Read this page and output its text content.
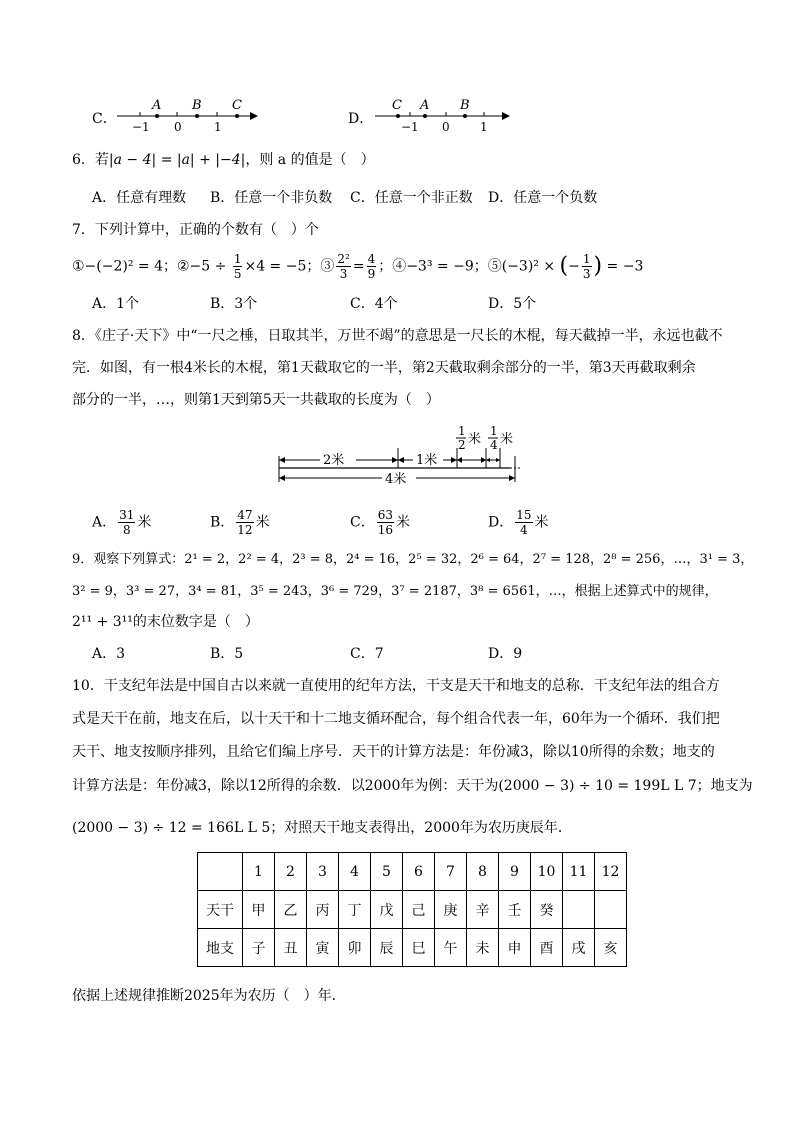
C．
A B C
−1 0	1	D．
C A B
−1 0	1
6．若|a − 4| = |a| + |−4|，则 a 的值是（　）
A．任意有理数 B．任意一个非负数 C．任意一个非正数 D．任意一个负数
7．下列计算中，正确的个数有（　）个
①−(−2)² = 4；②−5 ÷ $\frac{1}{5} \times 4 = -5$；③ $\frac{\text{2²}}{3} = \frac{4}{9}$ ；④−3³ = −9；⑤(−3)² × (− $\frac{1}{3}$ ) = −3
A．1个	B．3个	C．4个	D．5个
8．《庄子·天下》中“一尺之棰，日取其半，万世不竭”的意思是一尺长的木棍，每天截掉一半，永远也截不
完．如图，有一根4米长的木棍，第1天截取它的一半，第2天截取剩余部分的一半，第3天再截取剩余
部分的一半，…，则第1天到第5天一共截取的长度为（　）
2米	1米
1
2 米
1
4 米
4米
A． $\frac{31}{8}$ 米	B． $\frac{47}{12}$ 米	C． $\frac{63}{16}$ 米	D． $\frac{15}{4}$ 米
9．观察下列算式：2¹ = 2，2² = 4，2³ = 8，2⁴ = 16，2⁵ = 32，2⁶ = 64，2⁷ = 128，2⁸ = 256，…，3¹ = 3，
3² = 9，3³ = 27，3⁴ = 81，3⁵ = 243，3⁶ = 729，3⁷ = 2187，3⁸ = 6561，…，根据上述算式中的规律，
2¹¹ + 3¹¹的末位数字是（　）
A．3	B．5	C．7	D．9
10．干支纪年法是中国自古以来就一直使用的纪年方法，干支是天干和地支的总称．干支纪年法的组合方
式是天干在前，地支在后，以十天干和十二地支循环配合，每个组合代表一年，60年为一个循环．我们把
天干、地支按顺序排列，且给它们编上序号．天干的计算方法是：年份减3，除以10所得的余数；地支的
计算方法是：年份减3，除以12所得的余数．以2000年为例：天干为(2000 − 3) ÷ 10 = 199L L 7；地支为
(2000 − 3) ÷ 12 = 166L L 5；对照天干地支表得出，2000年为农历庚辰年．
	1	2	3	4	5	6	7	8	9	10	11	12
天干	甲	乙	丙	丁	戊	己	庚	辛	壬	癸		
地支	子	丑	寅	卯	辰	巳	午	未	申	酉	戌	亥
依据上述规律推断2025年为农历（　）年．
